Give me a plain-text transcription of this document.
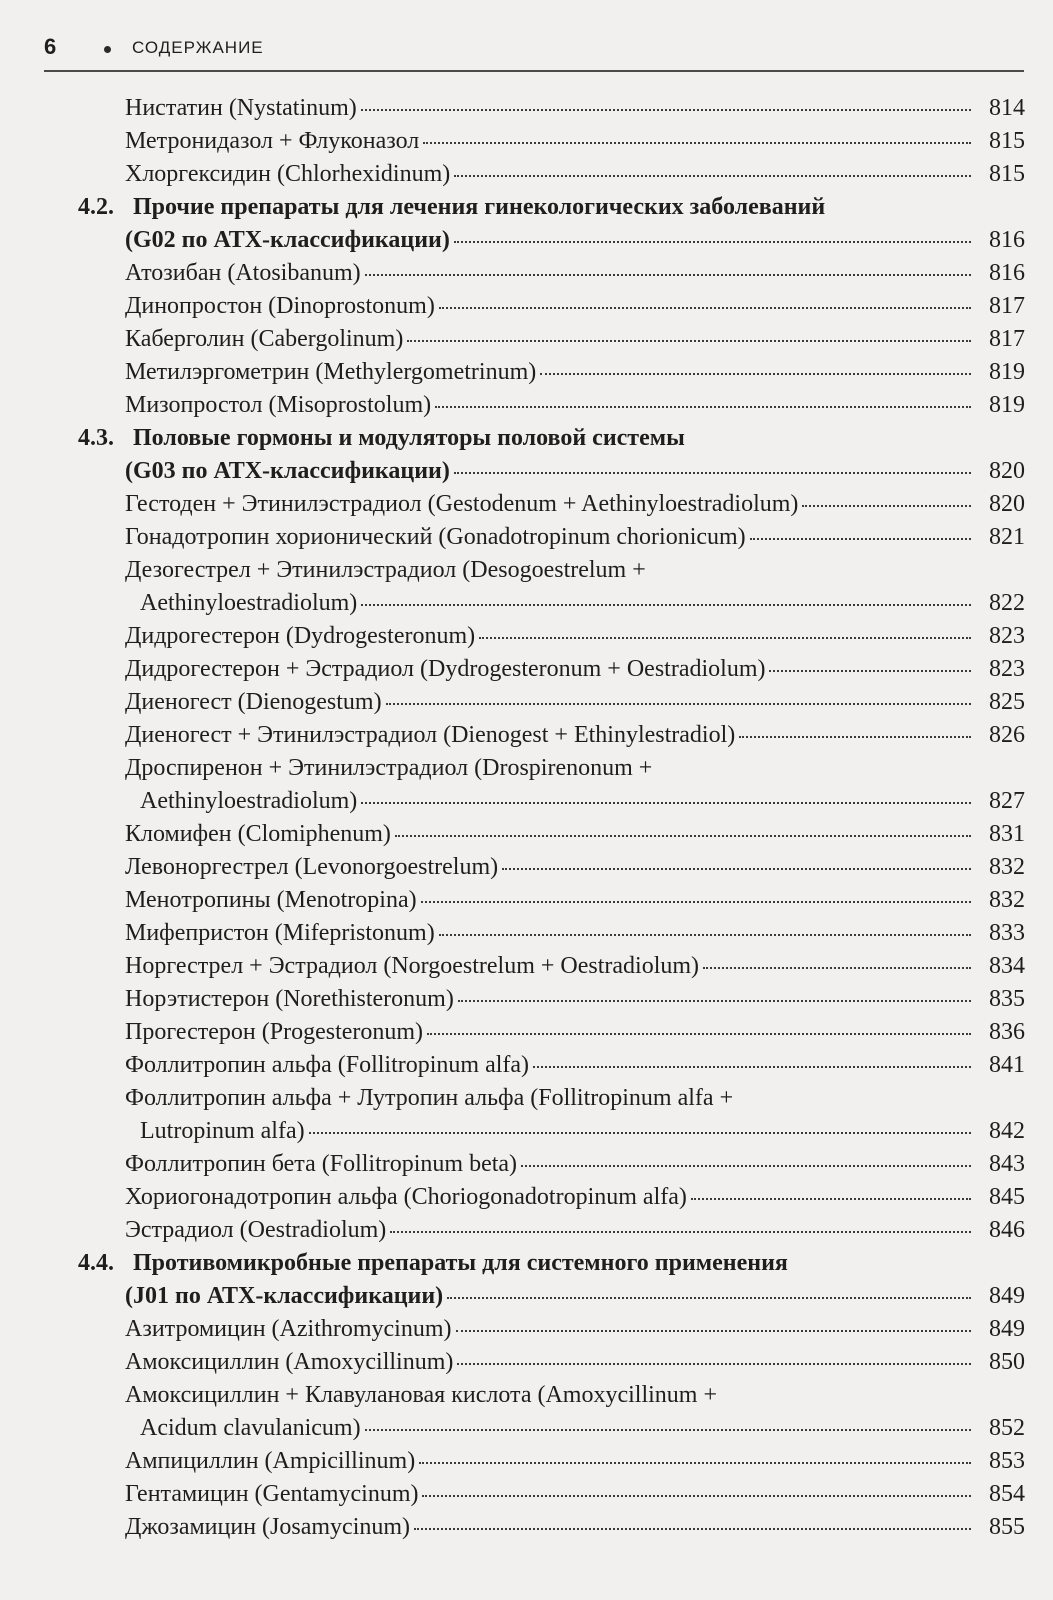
6	СОДЕРЖАНИЕ
Нистатин (Nystatinum)	814
Метронидазол + Флуконазол	815
Хлоргексидин (Chlorhexidinum)	815
4.2. Прочие препараты для лечения гинекологических заболеваний
(G02 по АТХ-классификации)	816
Атозибан (Atosibanum)	816
Динопростон (Dinoprostonum)	817
Каберголин (Cabergolinum)	817
Метилэргометрин (Methylergometrinum)	819
Мизопростол (Misoprostolum)	819
4.3. Половые гормоны и модуляторы половой системы
(G03 по АТХ-классификации)	820
Гестоден + Этинилэстрадиол (Gestodenum + Aethinyloestradiolum)	820
Гонадотропин хорионический (Gonadotropinum chorionicum)	821
Дезогестрел + Этинилэстрадиол (Desogoestrelum +
Aethinyloestradiolum)	822
Дидрогестерон (Dydrogesteronum)	823
Дидрогестерон + Эстрадиол (Dydrogesteronum + Oestradiolum)	823
Диеногест (Dienogestum)	825
Диеногест + Этинилэстрадиол (Dienogest + Ethinylestradiol)	826
Дроспиренон + Этинилэстрадиол (Drospirenonum +
Aethinyloestradiolum)	827
Кломифен (Clomiphenum)	831
Левоноргестрел (Levonorgoestrelum)	832
Менотропины (Menotropina)	832
Мифепристон (Mifepristonum)	833
Норгестрел + Эстрадиол (Norgoestrelum + Oestradiolum)	834
Норэтистерон (Norethisteronum)	835
Прогестерон (Progesteronum)	836
Фоллитропин альфа (Follitropinum alfa)	841
Фоллитропин альфа + Лутропин альфа (Follitropinum alfa +
Lutropinum alfa)	842
Фоллитропин бета (Follitropinum beta)	843
Хориогонадотропин альфа (Choriogonadotropinum alfa)	845
Эстрадиол (Oestradiolum)	846
4.4. Противомикробные препараты для системного применения
(J01 по АТХ-классификации)	849
Азитромицин (Azithromycinum)	849
Амоксициллин (Amoxycillinum)	850
Амоксициллин + Клавулановая кислота (Amoxycillinum +
Acidum clavulanicum)	852
Ампициллин (Ampicillinum)	853
Гентамицин (Gentamycinum)	854
Джозамицин (Josamycinum)	855
